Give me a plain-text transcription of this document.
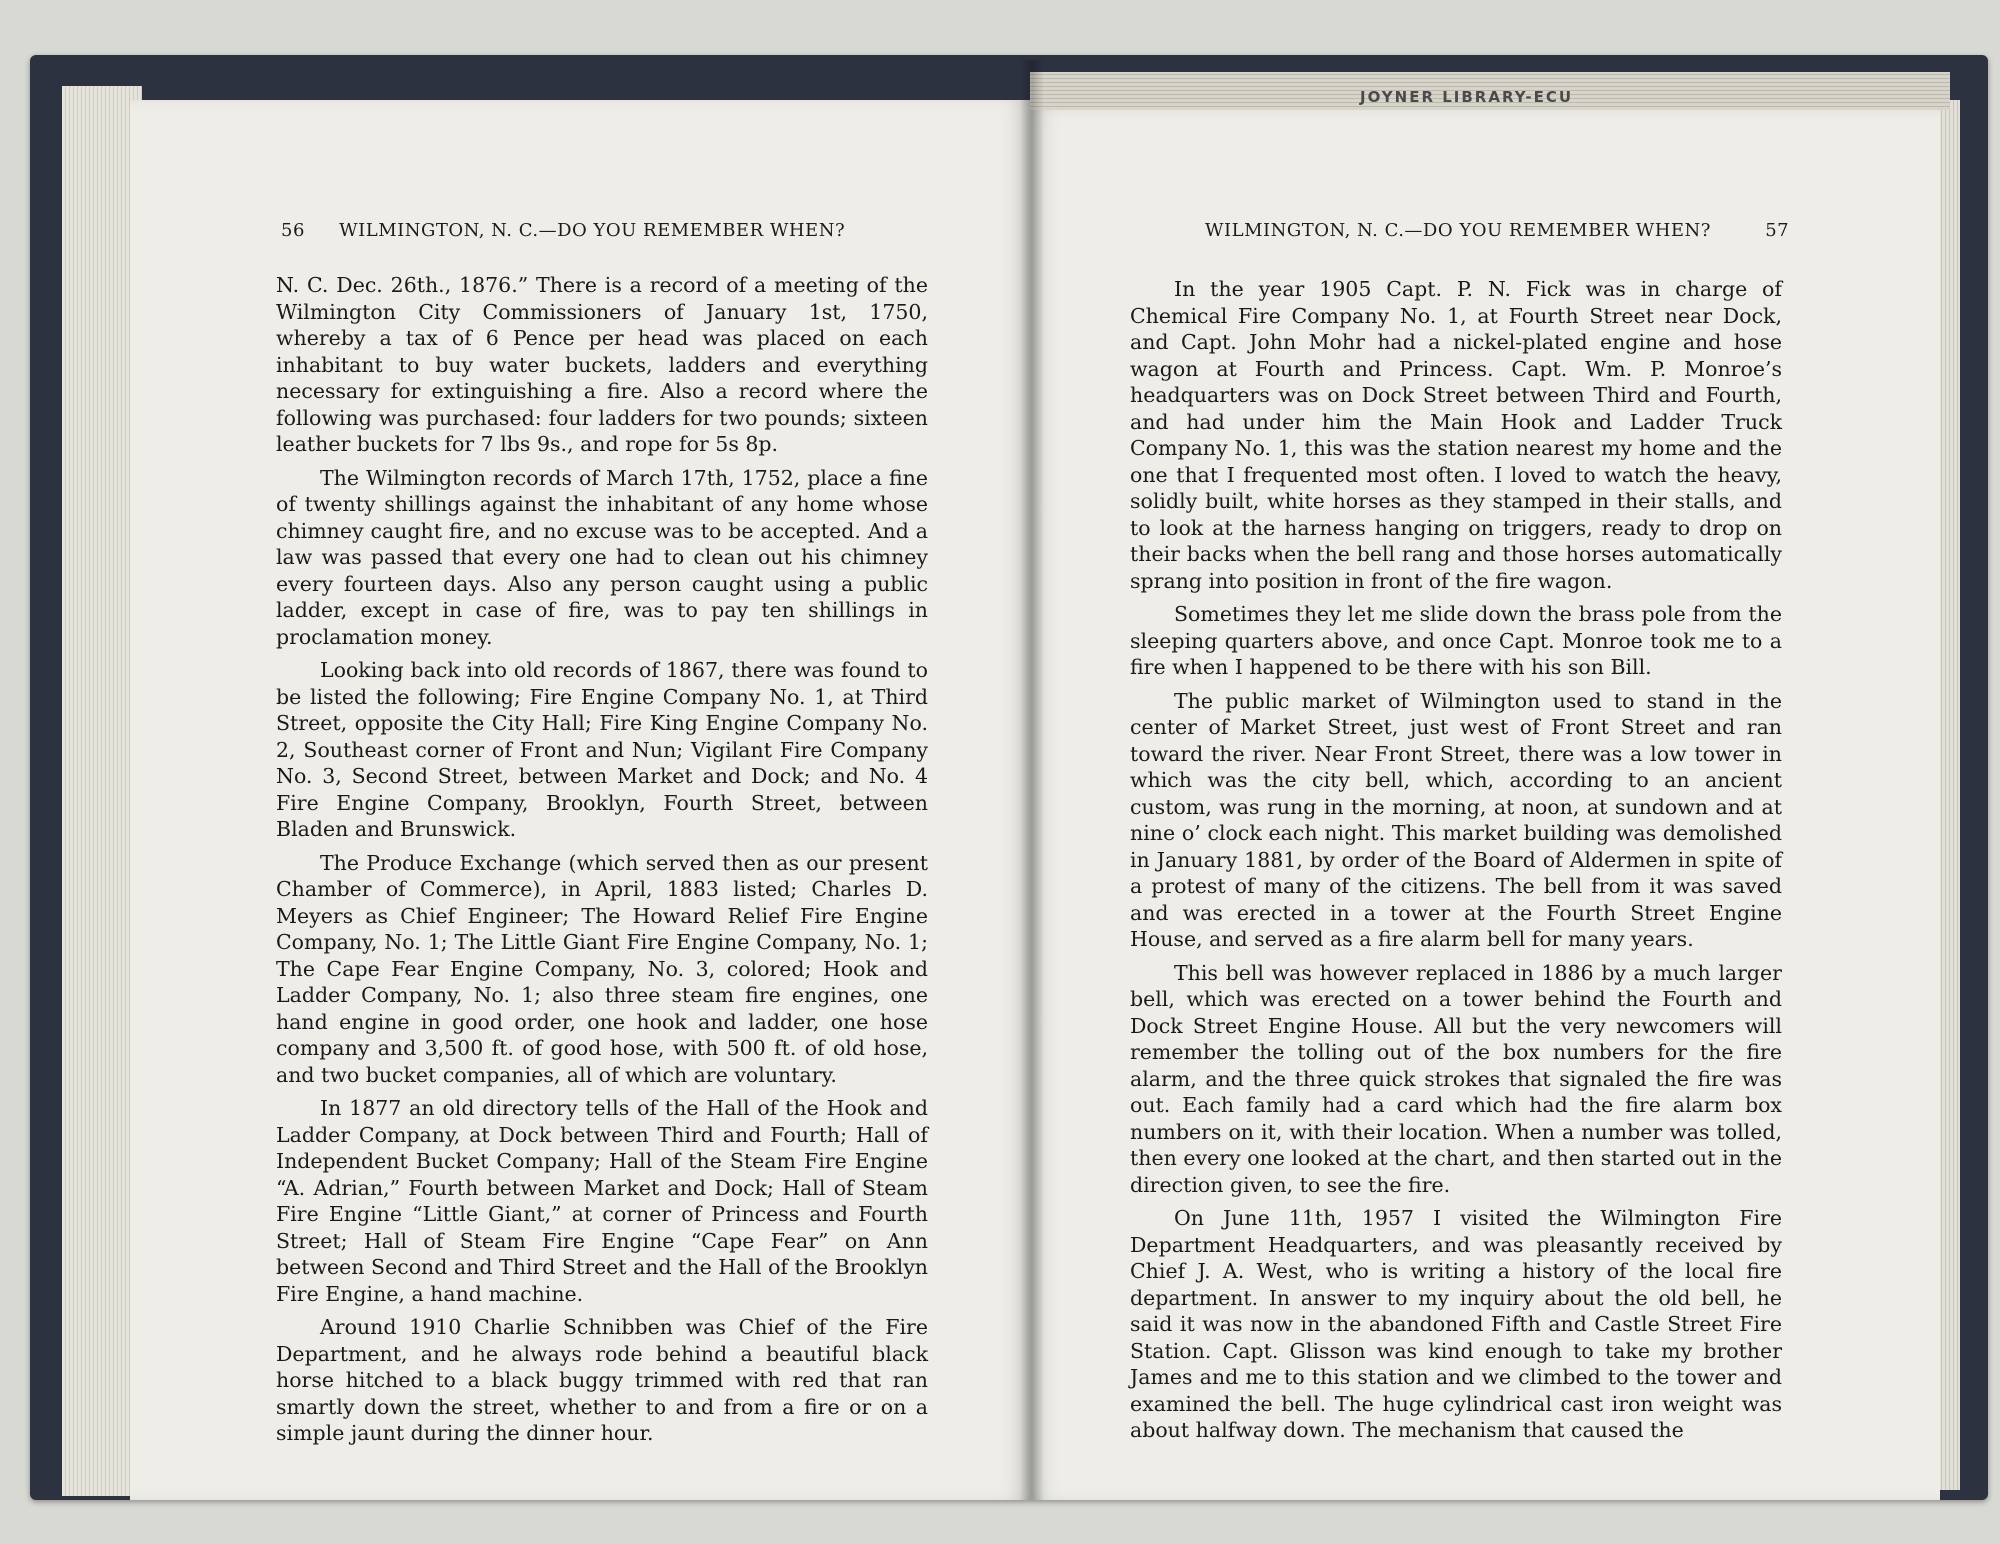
JOYNER LIBRARY-ECU
56 WILMINGTON, N. C.—DO YOU REMEMBER WHEN?	WILMINGTON, N. C.—DO YOU REMEMBER WHEN?	57

N. C. Dec. 26th., 1876.” There is a record of a meeting of the Wilmington City Commissioners of January 1st, 1750, whereby a tax of 6 Pence per head was placed on each inhabitant to buy water buckets, ladders and everything necessary for extinguishing a fire. Also a record where the following was purchased: four ladders for two pounds; sixteen leather buckets for 7 lbs 9s., and rope for 5s 8p.

The Wilmington records of March 17th, 1752, place a fine of twenty shillings against the inhabitant of any home whose chimney caught fire, and no excuse was to be accepted. And a law was passed that every one had to clean out his chimney every fourteen days. Also any person caught using a public ladder, except in case of fire, was to pay ten shillings in proclamation money.

Looking back into old records of 1867, there was found to be listed the following; Fire Engine Company No. 1, at Third Street, opposite the City Hall; Fire King Engine Company No. 2, Southeast corner of Front and Nun; Vigilant Fire Company No. 3, Second Street, between Market and Dock; and No. 4 Fire Engine Company, Brooklyn, Fourth Street, between Bladen and Brunswick.

The Produce Exchange (which served then as our present Chamber of Commerce), in April, 1883 listed; Charles D. Meyers as Chief Engineer; The Howard Relief Fire Engine Company, No. 1; The Little Giant Fire Engine Company, No. 1; The Cape Fear Engine Company, No. 3, colored; Hook and Ladder Company, No. 1; also three steam fire engines, one hand engine in good order, one hook and ladder, one hose company and 3,500 ft. of good hose, with 500 ft. of old hose, and two bucket companies, all of which are voluntary.

In 1877 an old directory tells of the Hall of the Hook and Ladder Company, at Dock between Third and Fourth; Hall of Independent Bucket Company; Hall of the Steam Fire Engine “A. Adrian,” Fourth between Market and Dock; Hall of Steam Fire Engine “Little Giant,” at corner of Princess and Fourth Street; Hall of Steam Fire Engine “Cape Fear” on Ann between Second and Third Street and the Hall of the Brooklyn Fire Engine, a hand machine.

Around 1910 Charlie Schnibben was Chief of the Fire Department, and he always rode behind a beautiful black horse hitched to a black buggy trimmed with red that ran smartly down the street, whether to and from a fire or on a simple jaunt during the dinner hour.

In the year 1905 Capt. P. N. Fick was in charge of Chemical Fire Company No. 1, at Fourth Street near Dock, and Capt. John Mohr had a nickel-plated engine and hose wagon at Fourth and Princess. Capt. Wm. P. Monroe’s headquarters was on Dock Street between Third and Fourth, and had under him the Main Hook and Ladder Truck Company No. 1, this was the station nearest my home and the one that I frequented most often. I loved to watch the heavy, solidly built, white horses as they stamped in their stalls, and to look at the harness hanging on triggers, ready to drop on their backs when the bell rang and those horses automatically sprang into position in front of the fire wagon.

Sometimes they let me slide down the brass pole from the sleeping quarters above, and once Capt. Monroe took me to a fire when I happened to be there with his son Bill.

The public market of Wilmington used to stand in the center of Market Street, just west of Front Street and ran toward the river. Near Front Street, there was a low tower in which was the city bell, which, according to an ancient custom, was rung in the morning, at noon, at sundown and at nine o’ clock each night. This market building was demolished in January 1881, by order of the Board of Aldermen in spite of a protest of many of the citizens. The bell from it was saved and was erected in a tower at the Fourth Street Engine House, and served as a fire alarm bell for many years.

This bell was however replaced in 1886 by a much larger bell, which was erected on a tower behind the Fourth and Dock Street Engine House. All but the very newcomers will remember the tolling out of the box numbers for the fire alarm, and the three quick strokes that signaled the fire was out. Each family had a card which had the fire alarm box numbers on it, with their location. When a number was tolled, then every one looked at the chart, and then started out in the direction given, to see the fire.

On June 11th, 1957 I visited the Wilmington Fire Department Headquarters, and was pleasantly received by Chief J. A. West, who is writing a history of the local fire department. In answer to my inquiry about the old bell, he said it was now in the abandoned Fifth and Castle Street Fire Station. Capt. Glisson was kind enough to take my brother James and me to this station and we climbed to the tower and examined the bell. The huge cylindrical cast iron weight was about halfway down. The mechanism that caused the
